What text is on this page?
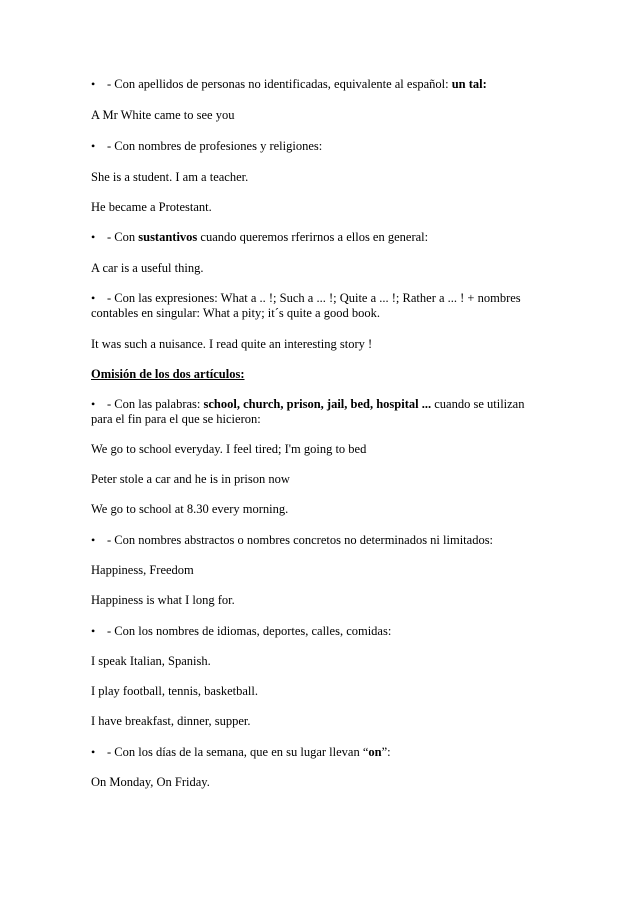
• - Con apellidos de personas no identificadas, equivalente al español: un tal:
A Mr White came to see you
• - Con nombres de profesiones y religiones:
She is a student. I am a teacher.
He became a Protestant.
• - Con sustantivos cuando queremos rferirnos a ellos en general:
A car is a useful thing.
• - Con las expresiones: What a .. !; Such a ... !; Quite a ... !; Rather a ... ! + nombres
contables en singular: What a pity; it´s quite a good book.
It was such a nuisance. I read quite an interesting story !
Omisión de los dos artículos:
• - Con las palabras: school, church, prison, jail, bed, hospital ... cuando se utilizan
para el fin para el que se hicieron:
We go to school everyday. I feel tired; I'm going to bed
Peter stole a car and he is in prison now
We go to school at 8.30 every morning.
• - Con nombres abstractos o nombres concretos no determinados ni limitados:
Happiness, Freedom
Happiness is what I long for.
• - Con los nombres de idiomas, deportes, calles, comidas:
I speak Italian, Spanish.
I play football, tennis, basketball.
I have breakfast, dinner, supper.
• - Con los días de la semana, que en su lugar llevan “on”:
On Monday, On Friday.
